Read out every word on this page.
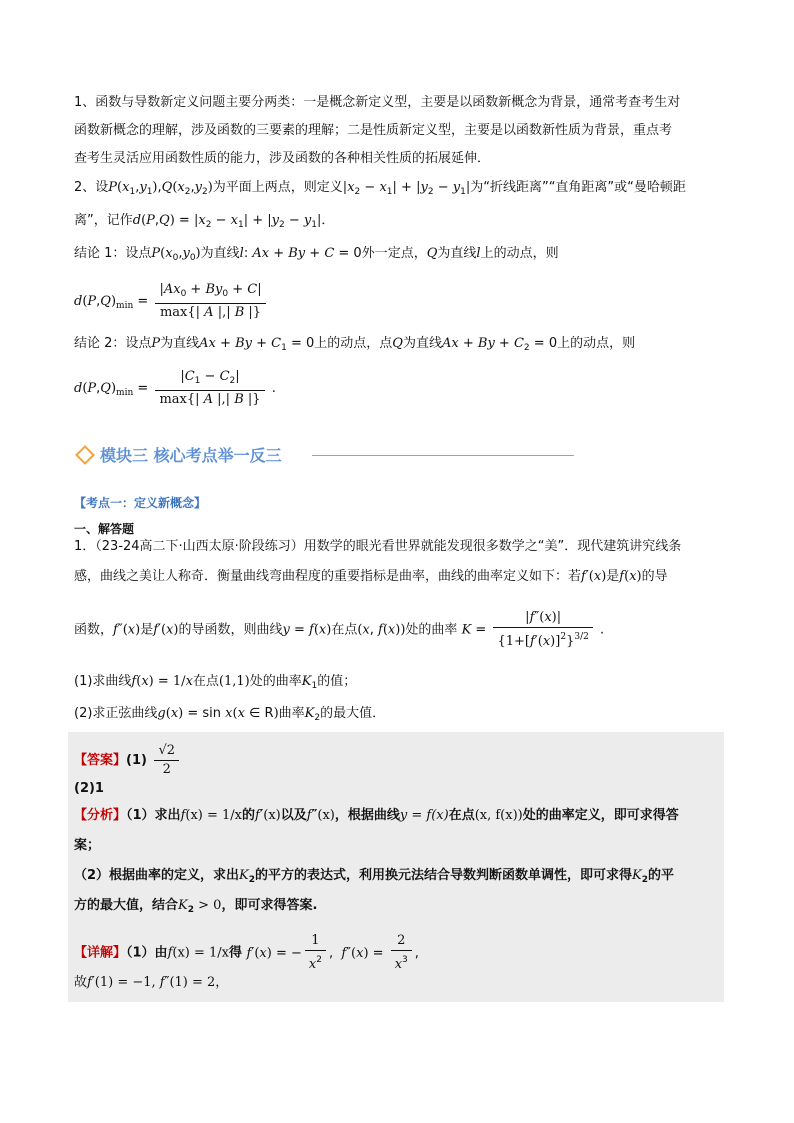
1、函数与导数新定义问题主要分两类：一是概念新定义型，主要是以函数新概念为背景，通常考查考生对
函数新概念的理解，涉及函数的三要素的理解；二是性质新定义型，主要是以函数新性质为背景，重点考
查考生灵活应用函数性质的能力，涉及函数的各种相关性质的拓展延伸．
2、设$P(x_1,y_1),Q(x_2,y_2)$为平面上两点，则定义$|x_2 - x_1| + |y_2 - y_1|$为“折线距离”“直角距离”或“曼哈顿距
离”，记作$d(P,Q) = |x_2 - x_1| + |y_2 - y_1|$．
结论 1：设点$P(x_0,y_0)$为直线l: Ax + By + C = 0外一定点，Q为直线l上的动点，则
$d(P,Q)_{min} = \frac{|Ax_0 + By_0 + C|}{\max\{| A |,| B |\}}$
结论 2：设点P为直线$Ax + By + C_1 = 0$上的动点，点Q为直线$Ax + By + C_2 = 0$上的动点，则
$d(P,Q)_{min} = \frac{|C_1 - C_2|}{\max\{| A |,| B |\}}$ .
模块三 核心考点举一反三
【考点一：定义新概念】
一、解答题
1．（23-24高二下·山西太原·阶段练习）用数学的眼光看世界就能发现很多数学之“美”．现代建筑讲究线条
感，曲线之美让人称奇．衡量曲线弯曲程度的重要指标是曲率，曲线的曲率定义如下：若f′(x)是f(x)的导
函数，f″(x)是f′(x)的导函数，则曲线y = f(x)在点(x, f(x))处的曲率 $K = \frac{|f''(x)|}{\{1+[f'(x)]^2\}^{3/2}}$ .
(1)求曲线f(x) = 1/x在点(1,1)处的曲率$K_1$的值；
(2)求正弦曲线g(x) = sin x(x ∈ R)曲率$K_2$的最大值．
【答案】$(1) \frac{√2}{2}$
(2)1
【分析】（1）求出f(x) = 1/x的f′(x)以及f″(x)，根据曲线y = f(x)在点(x, f(x))处的曲率定义，即可求得答
案；
（2）根据曲率的定义，求出$K_2$的平方的表达式，利用换元法结合导数判断函数单调性，即可求得$K_2$的平
方的最大值，结合$K_2 > 0$，即可求得答案.
【详解】（1）由f(x) = 1/x得 f′(x) = − $\frac{1}{x^2}$ ,  $f''(x) = \frac{2}{x^3}$ ,
故f′(1) = −1, f″(1) = 2，
